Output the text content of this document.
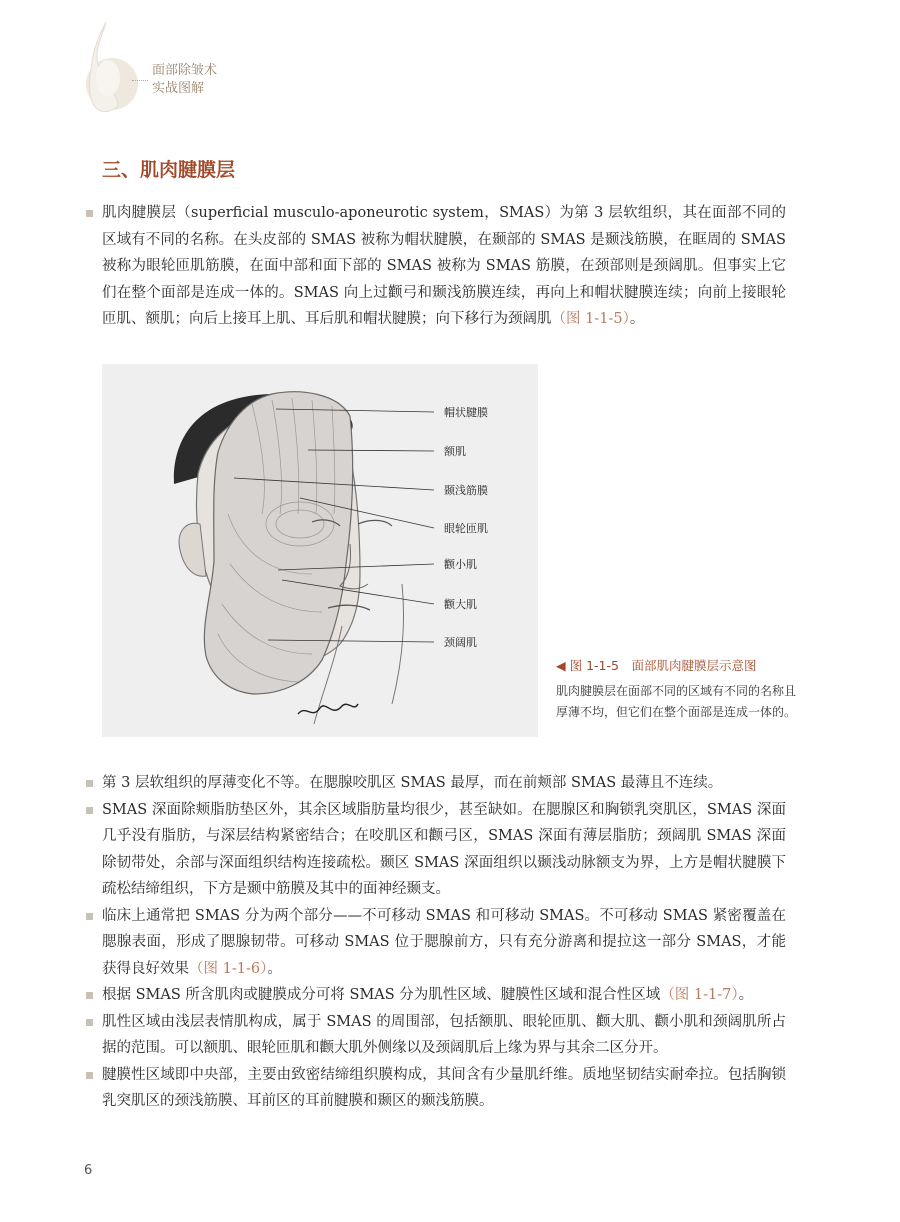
面部除皱术
实战图解
三、肌肉腱膜层
肌肉腱膜层（superficial musculo-aponeurotic system，SMAS）为第 3 层软组织，其在面部不同的区域有不同的名称。在头皮部的 SMAS 被称为帽状腱膜，在颞部的 SMAS 是颞浅筋膜，在眶周的 SMAS 被称为眼轮匝肌筋膜，在面中部和面下部的 SMAS 被称为 SMAS 筋膜，在颈部则是颈阔肌。但事实上它们在整个面部是连成一体的。SMAS 向上过颧弓和颞浅筋膜连续，再向上和帽状腱膜连续；向前上接眼轮匝肌、额肌；向后上接耳上肌、耳后肌和帽状腱膜；向下移行为颈阔肌（图 1-1-5）。
帽状腱膜
额肌
颞浅筋膜
眼轮匝肌
颧小肌
颧大肌
颈阔肌
◀ 图 1-1-5　面部肌肉腱膜层示意图
肌肉腱膜层在面部不同的区域有不同的名称且厚薄不均，但它们在整个面部是连成一体的。
第 3 层软组织的厚薄变化不等。在腮腺咬肌区 SMAS 最厚，而在前颊部 SMAS 最薄且不连续。
SMAS 深面除颊脂肪垫区外，其余区域脂肪量均很少，甚至缺如。在腮腺区和胸锁乳突肌区，SMAS 深面几乎没有脂肪，与深层结构紧密结合；在咬肌区和颧弓区，SMAS 深面有薄层脂肪；颈阔肌 SMAS 深面除韧带处，余部与深面组织结构连接疏松。颞区 SMAS 深面组织以颞浅动脉额支为界，上方是帽状腱膜下疏松结缔组织，下方是颞中筋膜及其中的面神经颞支。
临床上通常把 SMAS 分为两个部分——不可移动 SMAS 和可移动 SMAS。不可移动 SMAS 紧密覆盖在腮腺表面，形成了腮腺韧带。可移动 SMAS 位于腮腺前方，只有充分游离和提拉这一部分 SMAS，才能获得良好效果（图 1-1-6）。
根据 SMAS 所含肌肉或腱膜成分可将 SMAS 分为肌性区域、腱膜性区域和混合性区域（图 1-1-7）。
肌性区域由浅层表情肌构成，属于 SMAS 的周围部，包括额肌、眼轮匝肌、颧大肌、颧小肌和颈阔肌所占据的范围。可以额肌、眼轮匝肌和颧大肌外侧缘以及颈阔肌后上缘为界与其余二区分开。
腱膜性区域即中央部，主要由致密结缔组织膜构成，其间含有少量肌纤维。质地坚韧结实耐牵拉。包括胸锁乳突肌区的颈浅筋膜、耳前区的耳前腱膜和颞区的颞浅筋膜。
6
